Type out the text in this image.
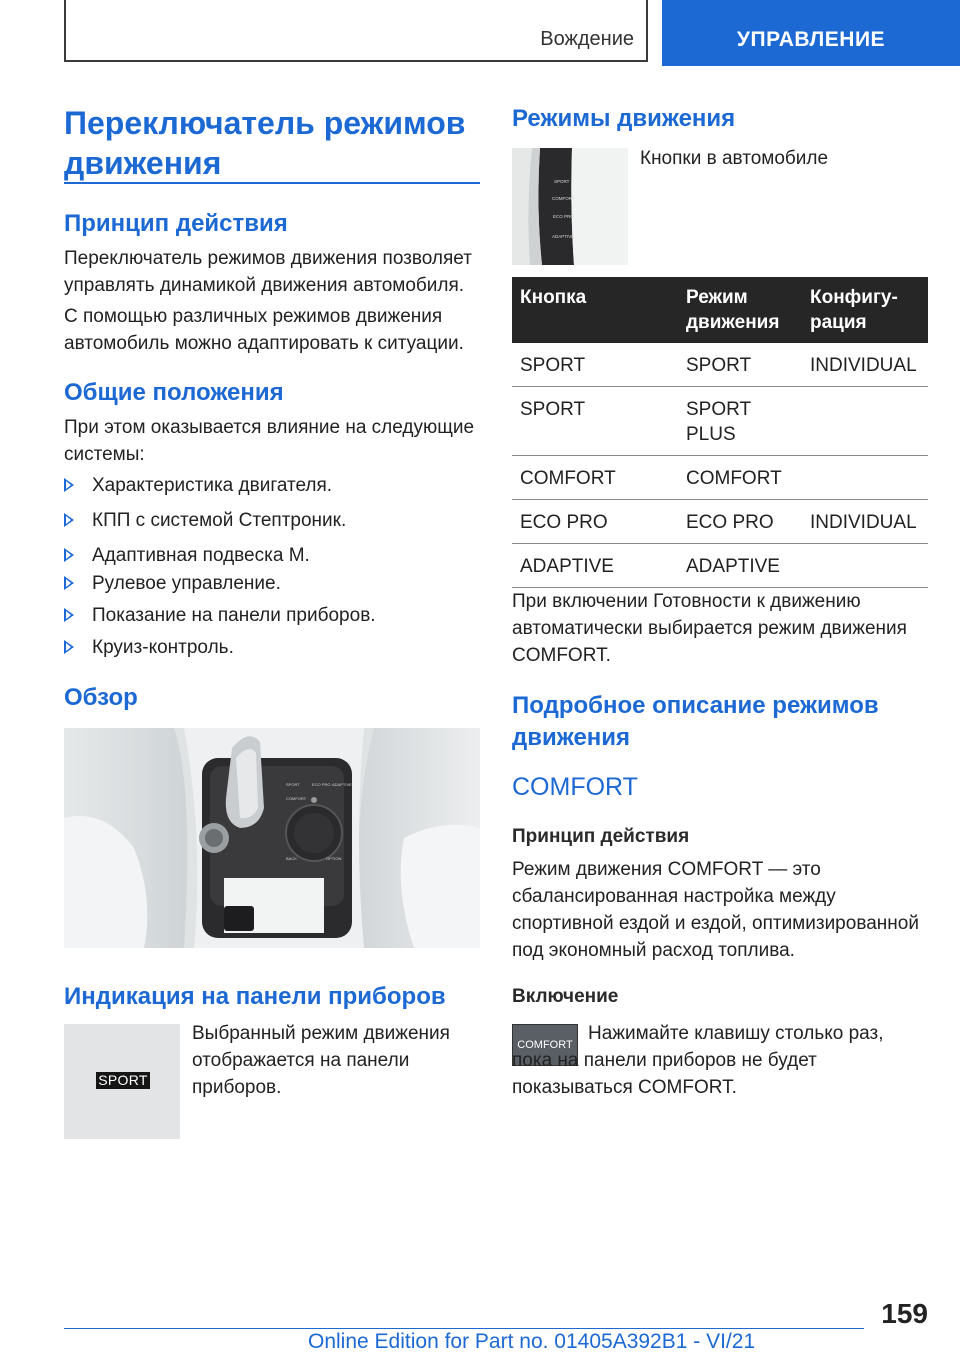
Вождение	УПРАВЛЕНИЕ
Переключатель режимов движения
Принцип действия

Переключатель режимов движения позволяет управлять динамикой движения автомобиля.

С помощью различных режимов движения автомобиль можно адаптировать к ситуации.

Общие положения

При этом оказывается влияние на следующие системы:

Характеристика двигателя.
КПП с системой Стептроник.
Адаптивная подвеска M.
Рулевое управление.
Показание на панели приборов.
Круиз-контроль.
Обзор
SPORT
COMFORT
ECO PRO ADAPTIVE
BACK	OPTION
Индикация на панели приборов
SPORT

Выбранный режим движения отображается на панели приборов.

Режимы движения
SPORT
COMFORT
ECO PRO
ADAPTIVE

Кнопки в автомобиле

Кнопка	Режим движения	Конфигу-рация
SPORT	SPORT	INDIVIDUAL
SPORT	SPORT PLUS	
COMFORT	COMFORT	
ECO PRO	ECO PRO	INDIVIDUAL
ADAPTIVE	ADAPTIVE	

При включении Готовности к движению автоматически выбирается режим движения COMFORT.

Подробное описание режимов движения
COMFORT
Принцип действия

Режим движения COMFORT — это сбалансированная настройка между спортивной ездой и ездой, оптимизированной под экономный расход топлива.

Включение
COMFORT

Нажимайте клавишу столько раз, пока на панели приборов не будет показываться COMFORT.

159
Online Edition for Part no. 01405A392B1 - VI/21
